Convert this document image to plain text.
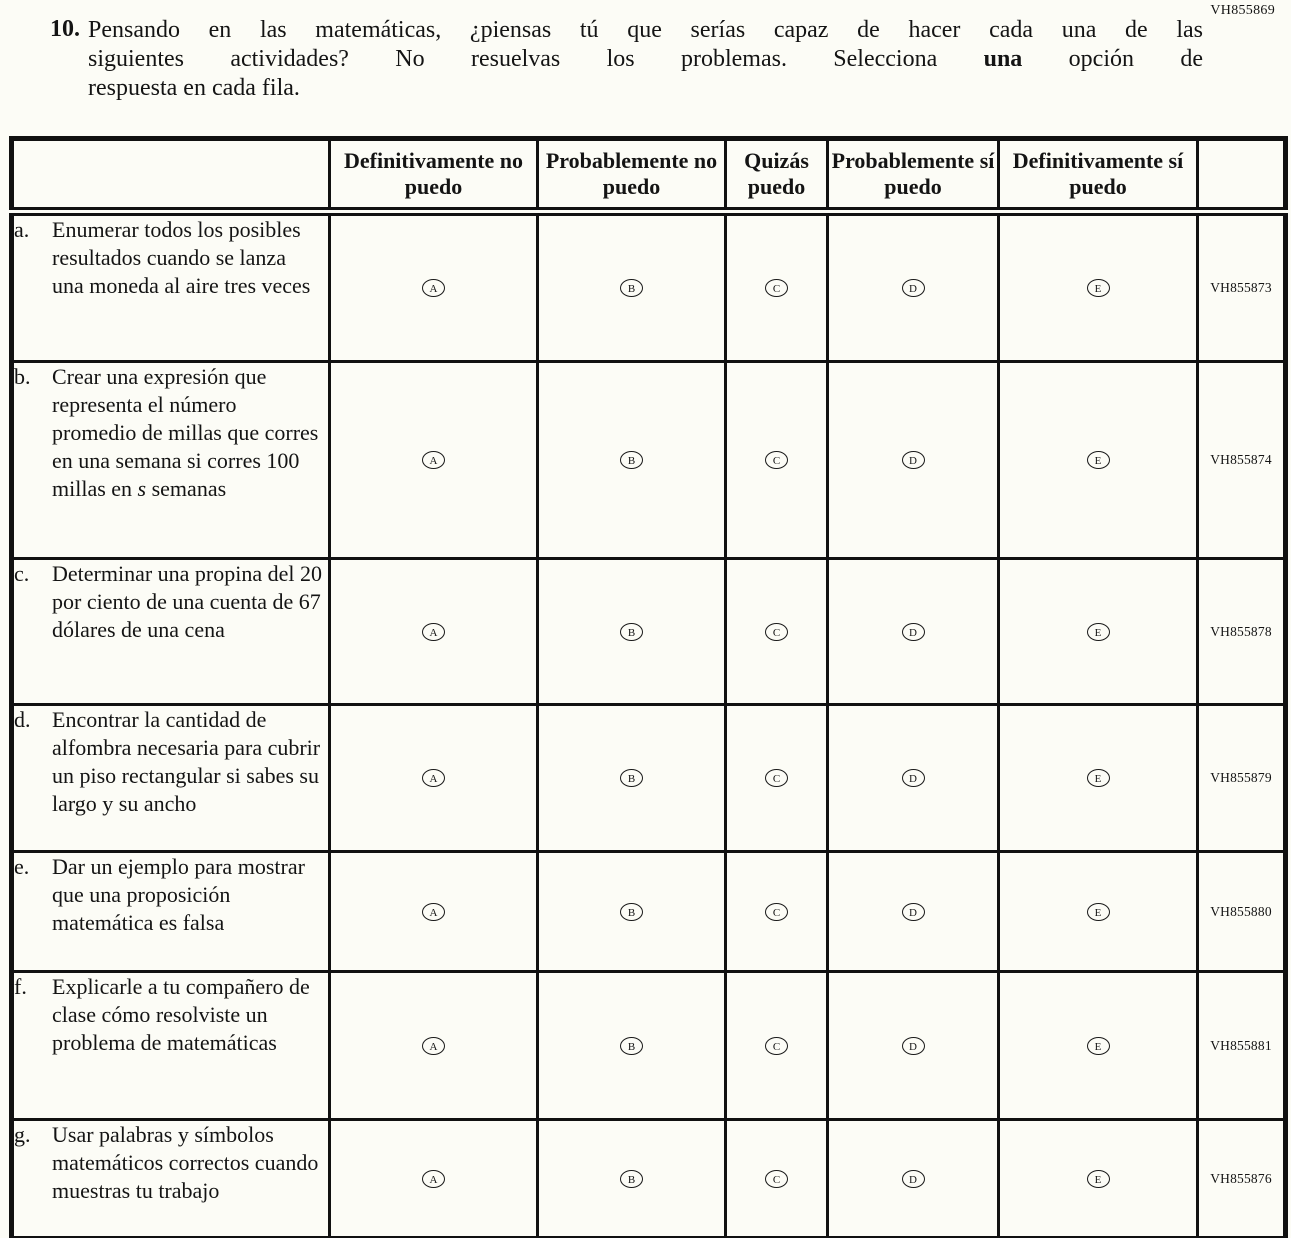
VH855869
10. Pensando en las matemáticas, ¿piensas tú que serías capaz de hacer cada una de las
siguientes actividades? No resuelvas los problemas. Selecciona una opción de
respuesta en cada fila.
	Definitivamente no puedo	Probablemente no puedo	Quizás puedo	Probablemente sí puedo	Definitivamente sí puedo	
a. Enumerar todos los posibles resultados cuando se lanza una moneda al aire tres veces	A	B	C	D	E	VH855873
b. Crear una expresión que representa el número promedio de millas que corres en una semana si corres 100 millas en s semanas	A	B	C	D	E	VH855874
c. Determinar una propina del 20 por ciento de una cuenta de 67 dólares de una cena	A	B	C	D	E	VH855878
d. Encontrar la cantidad de alfombra necesaria para cubrir un piso rectangular si sabes su largo y su ancho	A	B	C	D	E	VH855879
e. Dar un ejemplo para mostrar que una proposición matemática es falsa	A	B	C	D	E	VH855880
f. Explicarle a tu compañero de clase cómo resolviste un problema de matemáticas	A	B	C	D	E	VH855881
g. Usar palabras y símbolos matemáticos correctos cuando muestras tu trabajo	A	B	C	D	E	VH855876
